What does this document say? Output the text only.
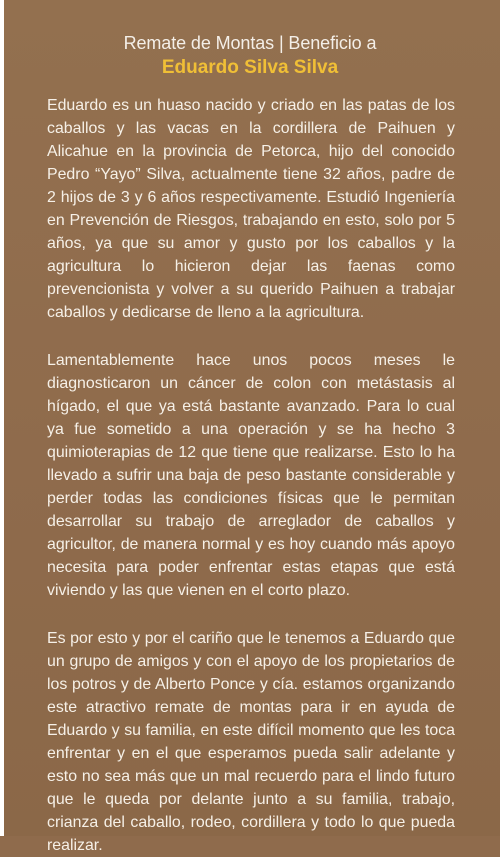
Remate de Montas | Beneficio a
Eduardo Silva Silva

Eduardo es un huaso nacido y criado en las patas de los caballos y las vacas en la cordillera de Paihuen y Alicahue en la provincia de Petorca, hijo del conocido Pedro “Yayo” Silva, actualmente tiene 32 años, padre de 2 hijos de 3 y 6 años respectivamente. Estudió Ingeniería en Prevención de Riesgos, trabajando en esto, solo por 5 años, ya que su amor y gusto por los caballos y la agricultura lo hicieron dejar las faenas como prevencionista y volver a su querido Paihuen a trabajar caballos y dedicarse de lleno a la agricultura.

Lamentablemente hace unos pocos meses le diagnosticaron un cáncer de colon con metástasis al hígado, el que ya está bastante avanzado. Para lo cual ya fue sometido a una operación y se ha hecho 3 quimioterapias de 12 que tiene que realizarse. Esto lo ha llevado a sufrir una baja de peso bastante considerable y perder todas las condiciones físicas que le permitan desarrollar su trabajo de arreglador de caballos y agricultor, de manera normal y es hoy cuando más apoyo necesita para poder enfrentar estas etapas que está viviendo y las que vienen en el corto plazo.

Es por esto y por el cariño que le tenemos a Eduardo que un grupo de amigos y con el apoyo de los propietarios de los potros y de Alberto Ponce y cía. estamos organizando este atractivo remate de montas para ir en ayuda de Eduardo y su familia, en este difícil momento que les toca enfrentar y en el que esperamos pueda salir adelante y esto no sea más que un mal recuerdo para el lindo futuro que le queda por delante junto a su familia, trabajo, crianza del caballo, rodeo, cordillera y todo lo que pueda realizar.
